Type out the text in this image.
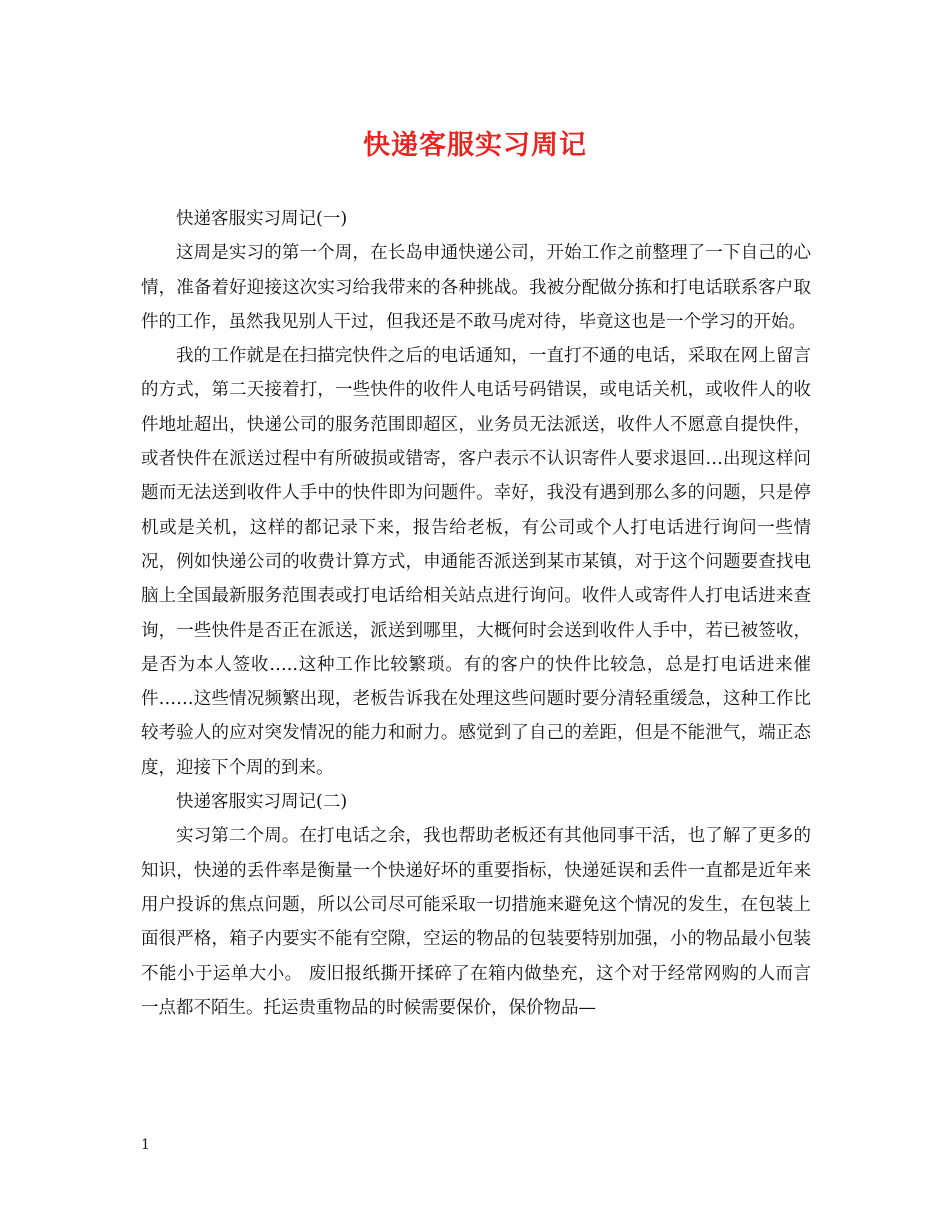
快递客服实习周记

快递客服实习周记(一)

这周是实习的第一个周，在长岛申通快递公司，开始工作之前整理了一下自己的心情，准备着好迎接这次实习给我带来的各种挑战。我被分配做分拣和打电话联系客户取件的工作，虽然我见别人干过，但我还是不敢马虎对待，毕竟这也是一个学习的开始。

我的工作就是在扫描完快件之后的电话通知，一直打不通的电话，采取在网上留言的方式，第二天接着打，一些快件的收件人电话号码错误，或电话关机，或收件人的收件地址超出，快递公司的服务范围即超区，业务员无法派送，收件人不愿意自提快件，或者快件在派送过程中有所破损或错寄，客户表示不认识寄件人要求退回…出现这样问题而无法送到收件人手中的快件即为问题件。幸好，我没有遇到那么多的问题，只是停机或是关机，这样的都记录下来，报告给老板，有公司或个人打电话进行询问一些情况，例如快递公司的收费计算方式，申通能否派送到某市某镇，对于这个问题要查找电脑上全国最新服务范围表或打电话给相关站点进行询问。收件人或寄件人打电话进来查询，一些快件是否正在派送，派送到哪里，大概何时会送到收件人手中，若已被签收，是否为本人签收…..这种工作比较繁琐。有的客户的快件比较急，总是打电话进来催件……这些情况频繁出现，老板告诉我在处理这些问题时要分清轻重缓急，这种工作比较考验人的应对突发情况的能力和耐力。感觉到了自己的差距，但是不能泄气，端正态度，迎接下个周的到来。

快递客服实习周记(二)

实习第二个周。在打电话之余，我也帮助老板还有其他同事干活，也了解了更多的知识，快递的丢件率是衡量一个快递好坏的重要指标，快递延误和丢件一直都是近年来用户投诉的焦点问题，所以公司尽可能采取一切措施来避免这个情况的发生，在包装上面很严格，箱子内要实不能有空隙，空运的物品的包装要特别加强，小的物品最小包装不能小于运单大小。 废旧报纸撕开揉碎了在箱内做垫充，这个对于经常网购的人而言一点都不陌生。托运贵重物品的时候需要保价，保价物品—

1
